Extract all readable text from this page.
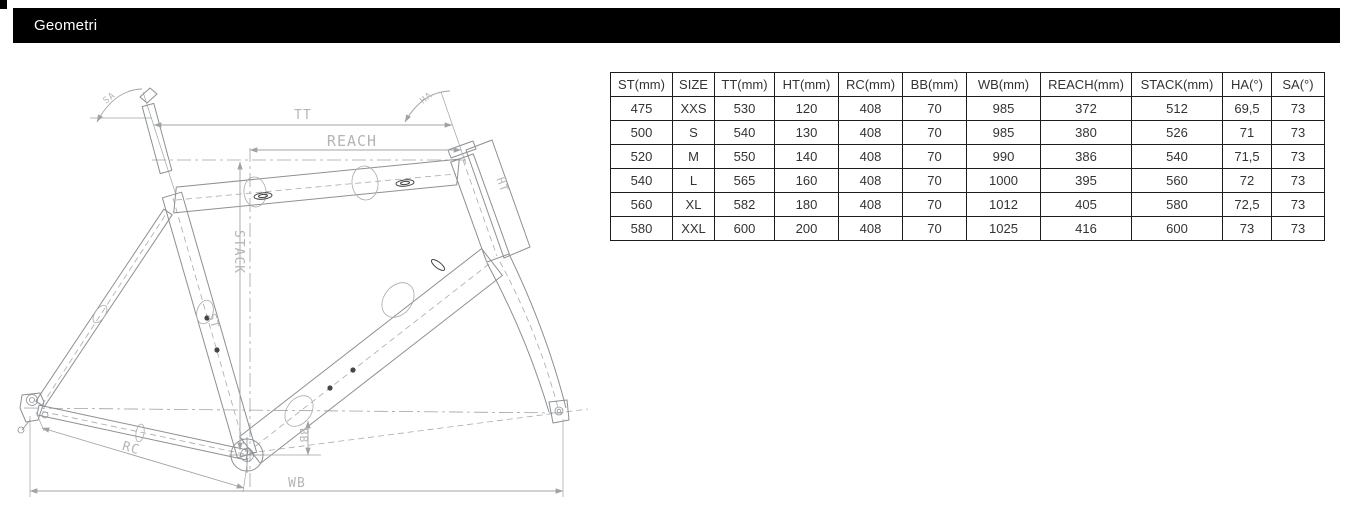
Geometri
TT
REACH
STACK
ST
HT
HA
SA
RC
BB
WB
ST(mm)	SIZE	TT(mm)	HT(mm)	RC(mm)	BB(mm)	WB(mm)	REACH(mm)	STACK(mm)	HA(°)	SA(°)
475	XXS	530	120	408	70	985	372	512	69,5	73
500	S	540	130	408	70	985	380	526	71	73
520	M	550	140	408	70	990	386	540	71,5	73
540	L	565	160	408	70	1000	395	560	72	73
560	XL	582	180	408	70	1012	405	580	72,5	73
580	XXL	600	200	408	70	1025	416	600	73	73
